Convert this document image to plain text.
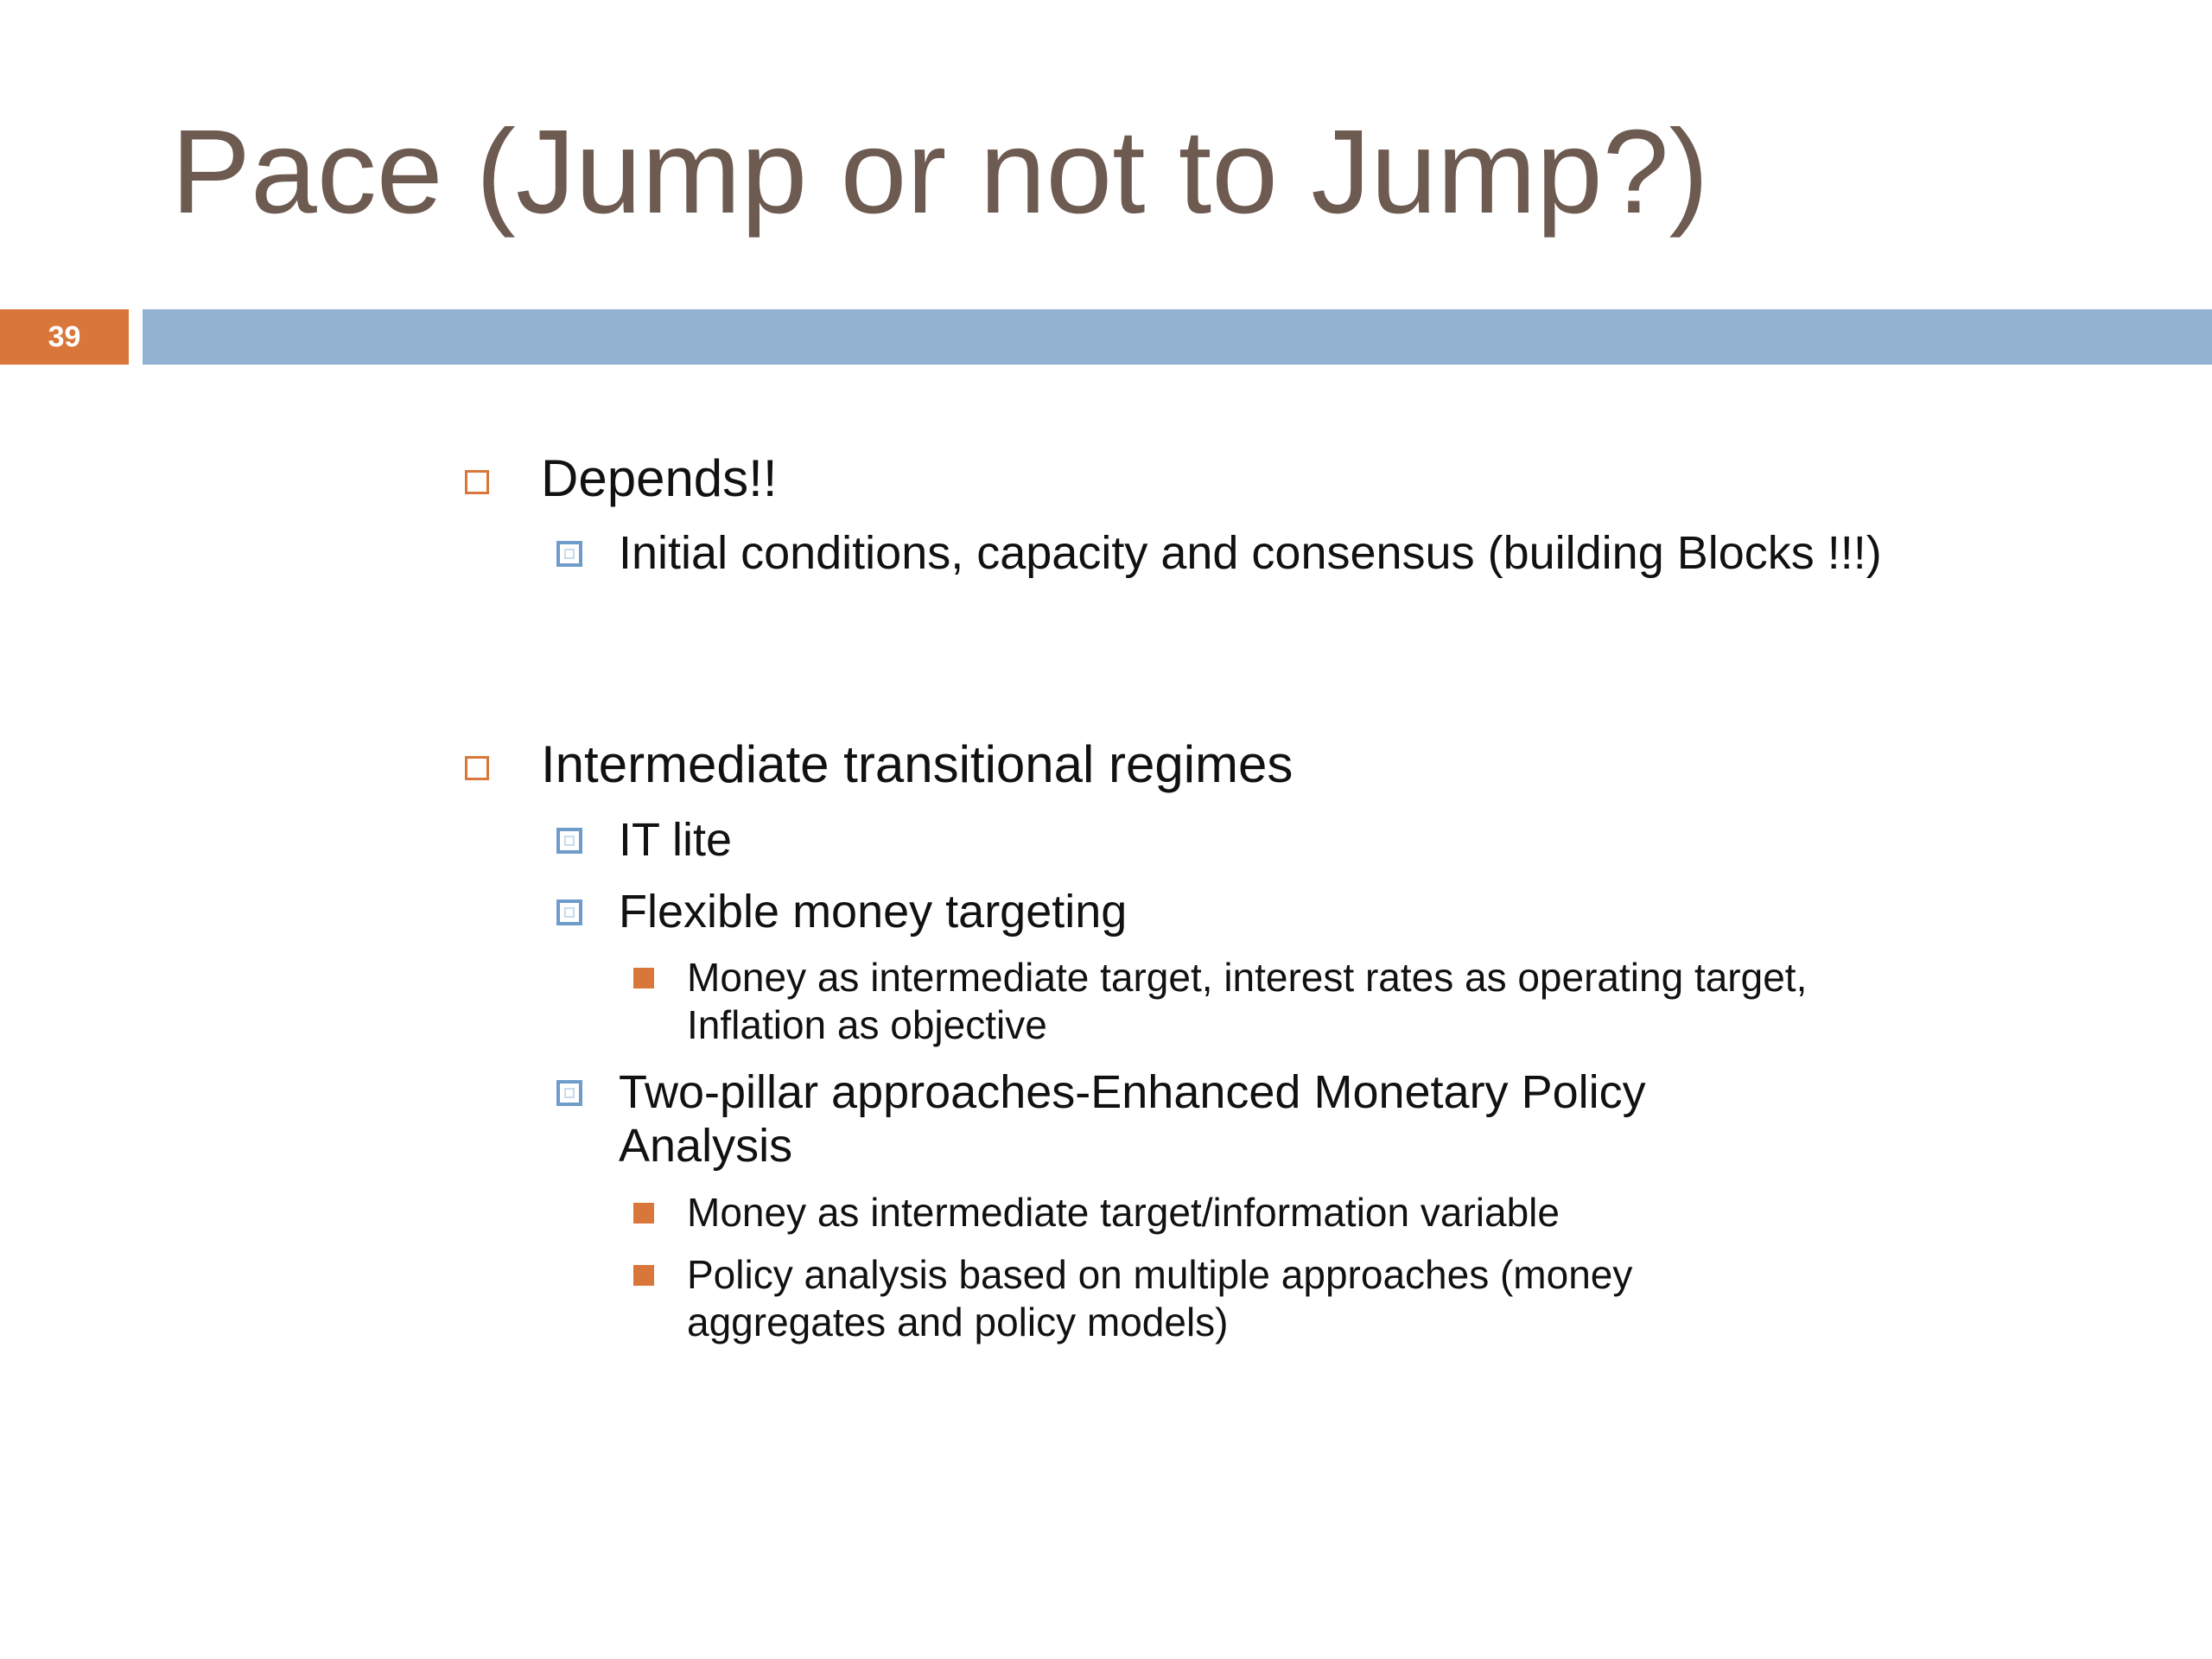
Pace (Jump or not to Jump?)
39
Depends!!
Initial conditions, capacity and consensus (building Blocks !!!)
Intermediate transitional regimes
IT lite
Flexible money targeting
Money as intermediate target, interest rates as operating target, Inflation as objective
Two-pillar approaches-Enhanced Monetary Policy Analysis
Money as intermediate target/information variable
Policy analysis based on multiple approaches (money aggregates and policy models)
